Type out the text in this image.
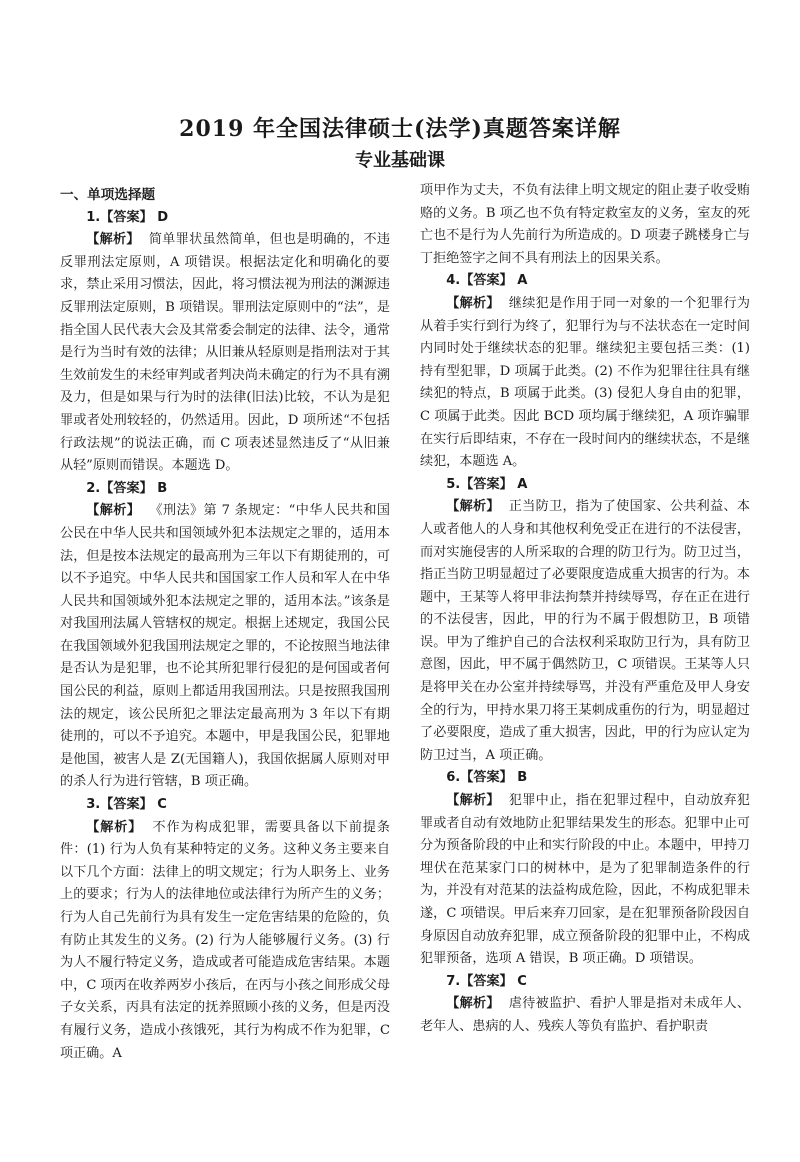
2019 年全国法律硕士(法学)真题答案详解
专业基础课

一、单项选择题

1.【答案】 D

【解析】 简单罪状虽然简单，但也是明确的，不违反罪刑法定原则，A 项错误。根据法定化和明确化的要求，禁止采用习惯法，因此，将习惯法视为刑法的渊源违反罪刑法定原则，B 项错误。罪刑法定原则中的“法”，是指全国人民代表大会及其常委会制定的法律、法令，通常是行为当时有效的法律；从旧兼从轻原则是指刑法对于其生效前发生的未经审判或者判决尚未确定的行为不具有溯及力，但是如果与行为时的法律(旧法)比较，不认为是犯罪或者处刑较轻的，仍然适用。因此，D 项所述“不包括行政法规”的说法正确，而 C 项表述显然违反了“从旧兼从轻”原则而错误。本题选 D。

2.【答案】 B

【解析】 《刑法》第 7 条规定：“中华人民共和国公民在中华人民共和国领域外犯本法规定之罪的，适用本法，但是按本法规定的最高刑为三年以下有期徒刑的，可以不予追究。中华人民共和国国家工作人员和军人在中华人民共和国领域外犯本法规定之罪的，适用本法。”该条是对我国刑法属人管辖权的规定。根据上述规定，我国公民在我国领域外犯我国刑法规定之罪的，不论按照当地法律是否认为是犯罪，也不论其所犯罪行侵犯的是何国或者何国公民的利益，原则上都适用我国刑法。只是按照我国刑法的规定，该公民所犯之罪法定最高刑为 3 年以下有期徒刑的，可以不予追究。本题中，甲是我国公民，犯罪地是他国，被害人是 Z(无国籍人)，我国依据属人原则对甲的杀人行为进行管辖，B 项正确。

3.【答案】 C

【解析】 不作为构成犯罪，需要具备以下前提条件：(1) 行为人负有某种特定的义务。这种义务主要来自以下几个方面：法律上的明文规定；行为人职务上、业务上的要求；行为人的法律地位或法律行为所产生的义务；行为人自己先前行为具有发生一定危害结果的危险的，负有防止其发生的义务。(2) 行为人能够履行义务。(3) 行为人不履行特定义务，造成或者可能造成危害结果。本题中，C 项丙在收养两岁小孩后，在丙与小孩之间形成父母子女关系，丙具有法定的抚养照顾小孩的义务，但是丙没有履行义务，造成小孩饿死，其行为构成不作为犯罪，C 项正确。A

项甲作为丈夫，不负有法律上明文规定的阻止妻子收受贿赂的义务。B 项乙也不负有特定救室友的义务，室友的死亡也不是行为人先前行为所造成的。D 项妻子跳楼身亡与丁拒绝签字之间不具有刑法上的因果关系。

4.【答案】 A

【解析】 继续犯是作用于同一对象的一个犯罪行为从着手实行到行为终了，犯罪行为与不法状态在一定时间内同时处于继续状态的犯罪。继续犯主要包括三类：(1) 持有型犯罪，D 项属于此类。(2) 不作为犯罪往往具有继续犯的特点，B 项属于此类。(3) 侵犯人身自由的犯罪，C 项属于此类。因此 BCD 项均属于继续犯，A 项诈骗罪在实行后即结束，不存在一段时间内的继续状态，不是继续犯，本题选 A。

5.【答案】 A

【解析】 正当防卫，指为了使国家、公共利益、本人或者他人的人身和其他权利免受正在进行的不法侵害，而对实施侵害的人所采取的合理的防卫行为。防卫过当，指正当防卫明显超过了必要限度造成重大损害的行为。本题中，王某等人将甲非法拘禁并持续辱骂，存在正在进行的不法侵害，因此，甲的行为不属于假想防卫，B 项错误。甲为了维护自己的合法权利采取防卫行为，具有防卫意图，因此，甲不属于偶然防卫，C 项错误。王某等人只是将甲关在办公室并持续辱骂，并没有严重危及甲人身安全的行为，甲持水果刀将王某刺成重伤的行为，明显超过了必要限度，造成了重大损害，因此，甲的行为应认定为防卫过当，A 项正确。

6.【答案】 B

【解析】 犯罪中止，指在犯罪过程中，自动放弃犯罪或者自动有效地防止犯罪结果发生的形态。犯罪中止可分为预备阶段的中止和实行阶段的中止。本题中，甲持刀埋伏在范某家门口的树林中，是为了犯罪制造条件的行为，并没有对范某的法益构成危险，因此，不构成犯罪未遂，C 项错误。甲后来弃刀回家，是在犯罪预备阶段因自身原因自动放弃犯罪，成立预备阶段的犯罪中止，不构成犯罪预备，选项 A 错误，B 项正确。D 项错误。

7.【答案】 C

【解析】 虐待被监护、看护人罪是指对未成年人、老年人、患病的人、残疾人等负有监护、看护职责
